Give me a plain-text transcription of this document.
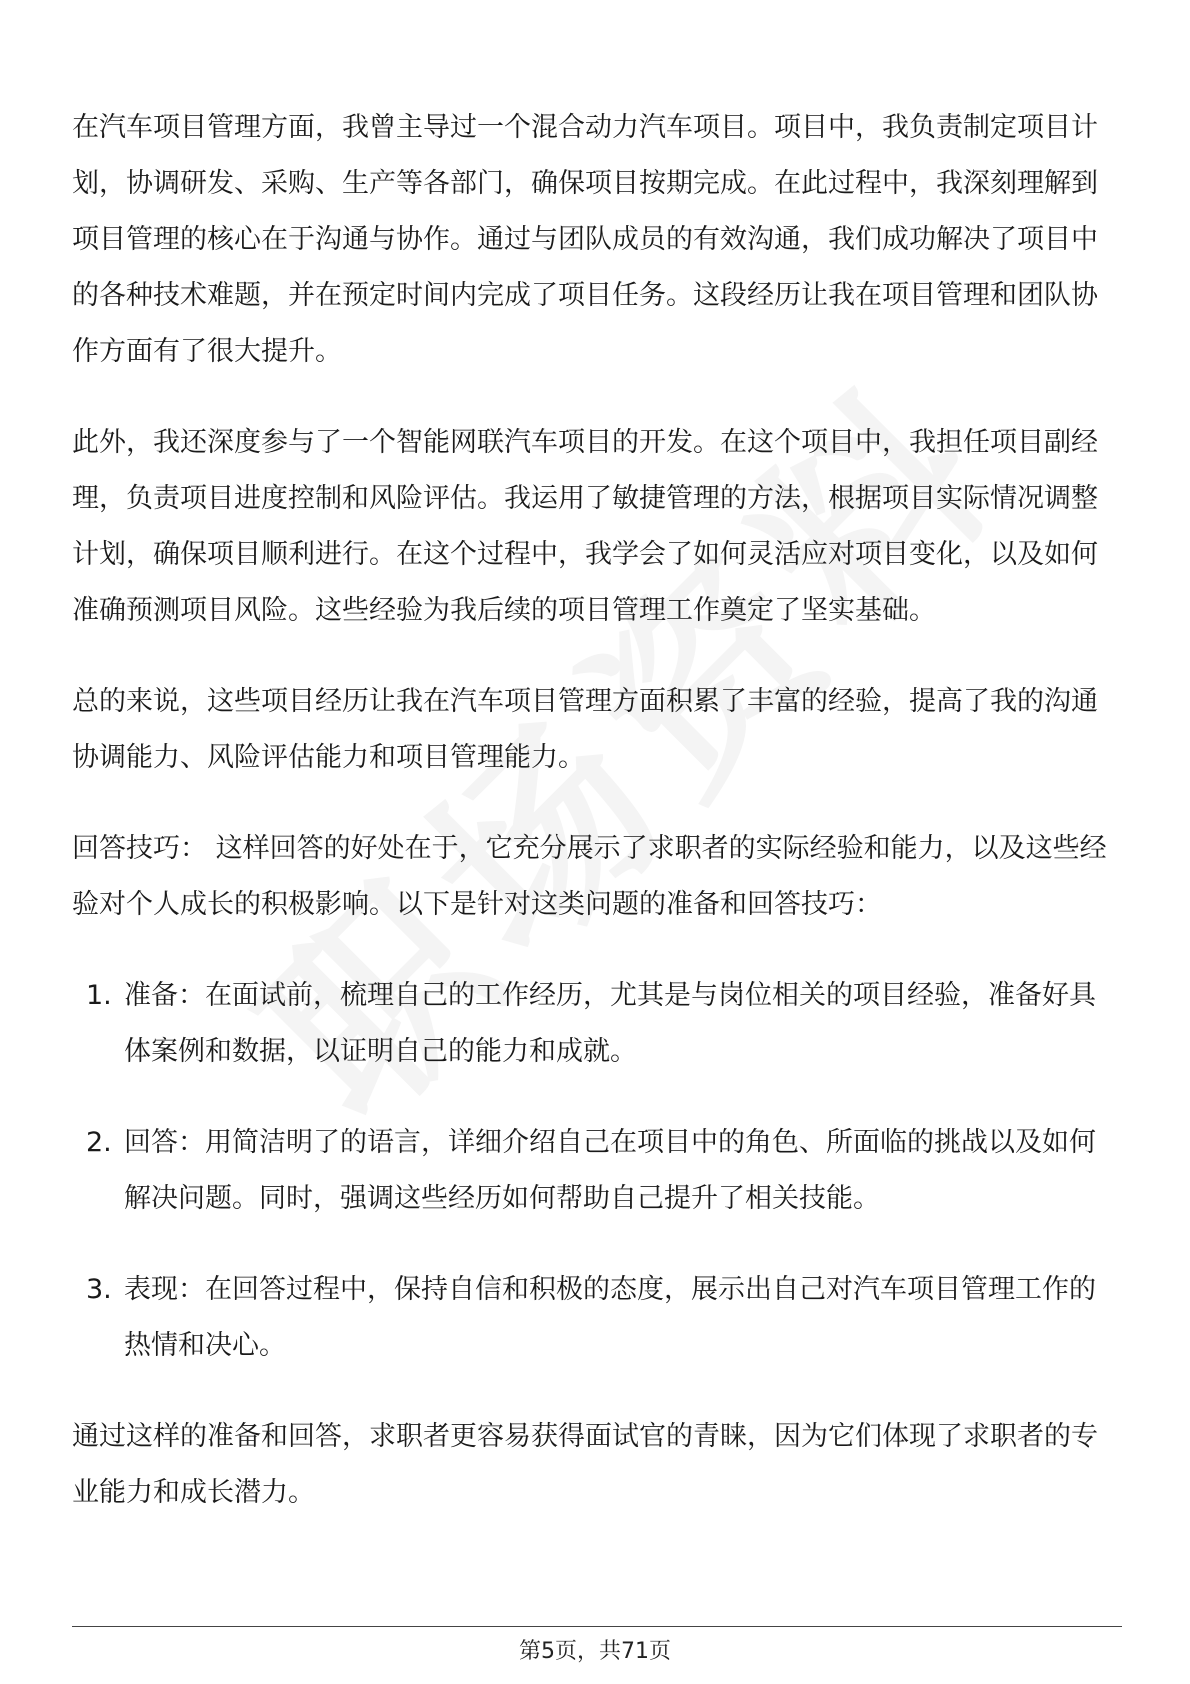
在汽车项目管理方面，我曾主导过一个混合动力汽车项目。项目中，我负责制定项目计划，协调研发、采购、生产等各部门，确保项目按期完成。在此过程中，我深刻理解到项目管理的核心在于沟通与协作。通过与团队成员的有效沟通，我们成功解决了项目中的各种技术难题，并在预定时间内完成了项目任务。这段经历让我在项目管理和团队协作方面有了很大提升。

此外，我还深度参与了一个智能网联汽车项目的开发。在这个项目中，我担任项目副经理，负责项目进度控制和风险评估。我运用了敏捷管理的方法，根据项目实际情况调整计划，确保项目顺利进行。在这个过程中，我学会了如何灵活应对项目变化，以及如何准确预测项目风险。这些经验为我后续的项目管理工作奠定了坚实基础。

总的来说，这些项目经历让我在汽车项目管理方面积累了丰富的经验，提高了我的沟通协调能力、风险评估能力和项目管理能力。

回答技巧： 这样回答的好处在于，它充分展示了求职者的实际经验和能力，以及这些经验对个人成长的积极影响。以下是针对这类问题的准备和回答技巧：

1. 准备：在面试前，梳理自己的工作经历，尤其是与岗位相关的项目经验，准备好具体案例和数据，以证明自己的能力和成就。
2. 回答：用简洁明了的语言，详细介绍自己在项目中的角色、所面临的挑战以及如何解决问题。同时，强调这些经历如何帮助自己提升了相关技能。
3. 表现：在回答过程中，保持自信和积极的态度，展示出自己对汽车项目管理工作的热情和决心。

通过这样的准备和回答，求职者更容易获得面试官的青睐，因为它们体现了求职者的专业能力和成长潜力。

第5页，共71页
